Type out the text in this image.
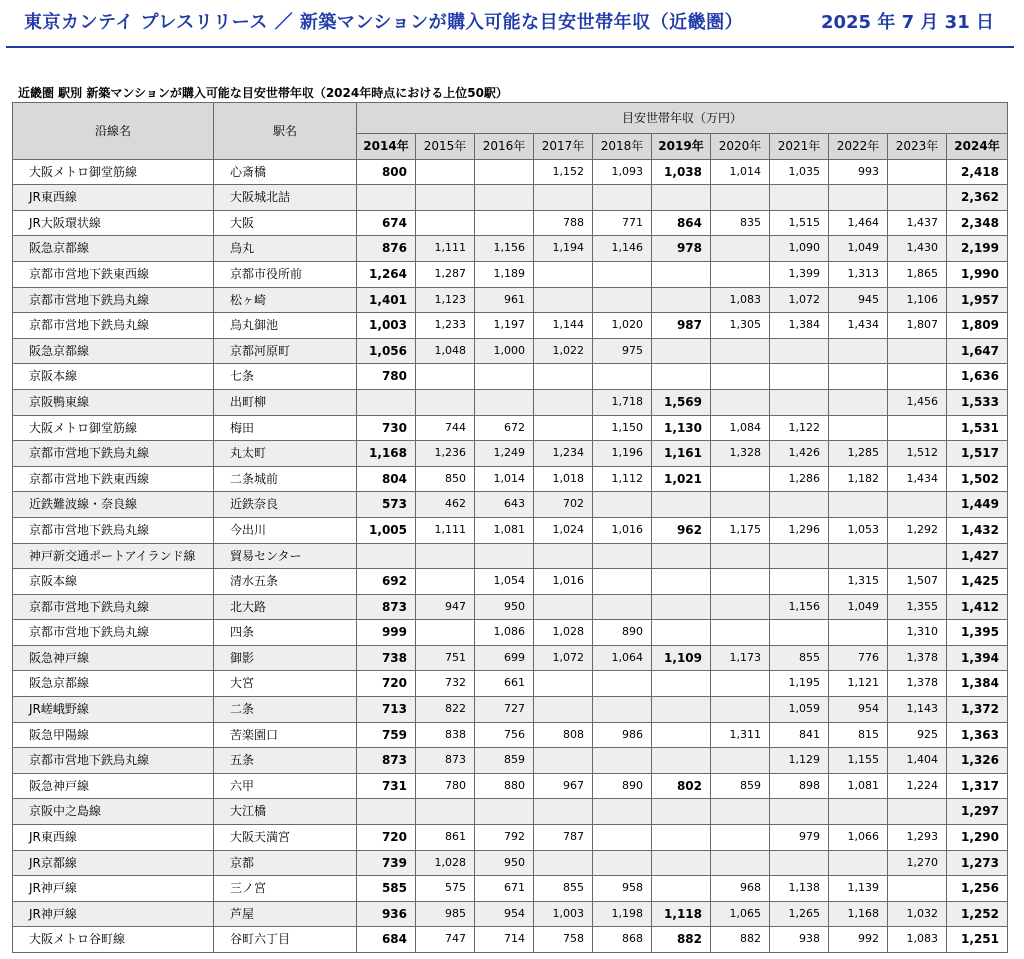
東京カンテイ プレスリリース ／ 新築マンションが購入可能な目安世帯年収（近畿圏）	2025 年 7 月 31 日
近畿圏 駅別 新築マンションが購入可能な目安世帯年収（2024年時点における上位50駅）
沿線名	駅名	目安世帯年収（万円）										
		2014年	2015年	2016年	2017年	2018年	2019年	2020年	2021年	2022年	2023年	2024年
大阪メトロ御堂筋線	心斎橋	800			1,152	1,093	1,038	1,014	1,035	993		2,418
JR東西線	大阪城北詰											2,362
JR大阪環状線	大阪	674			788	771	864	835	1,515	1,464	1,437	2,348
阪急京都線	烏丸	876	1,111	1,156	1,194	1,146	978		1,090	1,049	1,430	2,199
京都市営地下鉄東西線	京都市役所前	1,264	1,287	1,189					1,399	1,313	1,865	1,990
京都市営地下鉄烏丸線	松ヶ崎	1,401	1,123	961				1,083	1,072	945	1,106	1,957
京都市営地下鉄烏丸線	烏丸御池	1,003	1,233	1,197	1,144	1,020	987	1,305	1,384	1,434	1,807	1,809
阪急京都線	京都河原町	1,056	1,048	1,000	1,022	975						1,647
京阪本線	七条	780										1,636
京阪鴨東線	出町柳					1,718	1,569				1,456	1,533
大阪メトロ御堂筋線	梅田	730	744	672		1,150	1,130	1,084	1,122			1,531
京都市営地下鉄烏丸線	丸太町	1,168	1,236	1,249	1,234	1,196	1,161	1,328	1,426	1,285	1,512	1,517
京都市営地下鉄東西線	二条城前	804	850	1,014	1,018	1,112	1,021		1,286	1,182	1,434	1,502
近鉄難波線・奈良線	近鉄奈良	573	462	643	702							1,449
京都市営地下鉄烏丸線	今出川	1,005	1,111	1,081	1,024	1,016	962	1,175	1,296	1,053	1,292	1,432
神戸新交通ポートアイランド線	貿易センター											1,427
京阪本線	清水五条	692		1,054	1,016					1,315	1,507	1,425
京都市営地下鉄烏丸線	北大路	873	947	950					1,156	1,049	1,355	1,412
京都市営地下鉄烏丸線	四条	999		1,086	1,028	890					1,310	1,395
阪急神戸線	御影	738	751	699	1,072	1,064	1,109	1,173	855	776	1,378	1,394
阪急京都線	大宮	720	732	661					1,195	1,121	1,378	1,384
JR嵯峨野線	二条	713	822	727					1,059	954	1,143	1,372
阪急甲陽線	苦楽園口	759	838	756	808	986		1,311	841	815	925	1,363
京都市営地下鉄烏丸線	五条	873	873	859					1,129	1,155	1,404	1,326
阪急神戸線	六甲	731	780	880	967	890	802	859	898	1,081	1,224	1,317
京阪中之島線	大江橋											1,297
JR東西線	大阪天満宮	720	861	792	787				979	1,066	1,293	1,290
JR京都線	京都	739	1,028	950							1,270	1,273
JR神戸線	三ノ宮	585	575	671	855	958		968	1,138	1,139		1,256
JR神戸線	芦屋	936	985	954	1,003	1,198	1,118	1,065	1,265	1,168	1,032	1,252
大阪メトロ谷町線	谷町六丁目	684	747	714	758	868	882	882	938	992	1,083	1,251
